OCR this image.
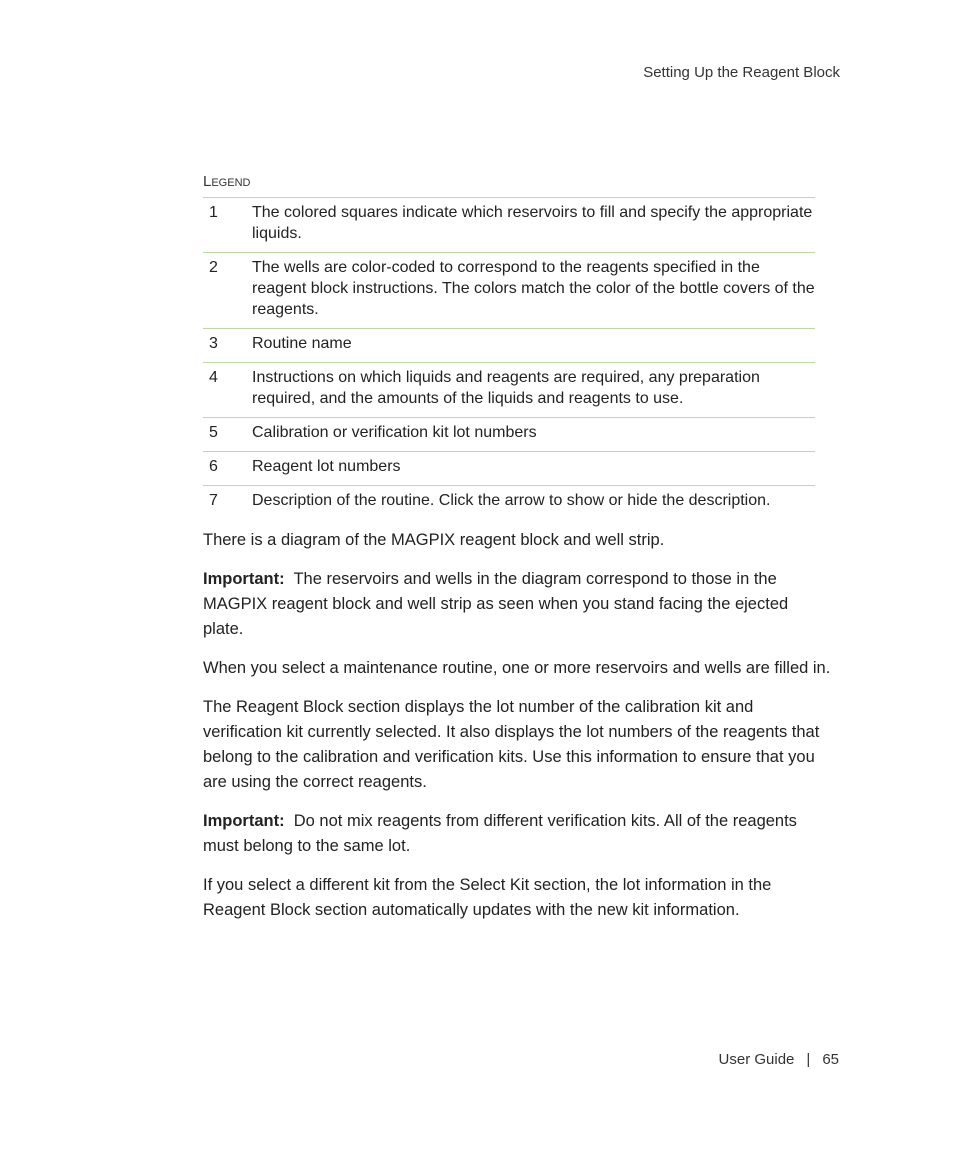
Setting Up the Reagent Block
Legend
1	The colored squares indicate which reservoirs to fill and specify the appropriate liquids.
2	The wells are color-coded to correspond to the reagents specified in the reagent block instructions. The colors match the color of the bottle covers of the reagents.
3	Routine name
4	Instructions on which liquids and reagents are required, any preparation required, and the amounts of the liquids and reagents to use.
5	Calibration or verification kit lot numbers
6	Reagent lot numbers
7	Description of the routine. Click the arrow to show or hide the description.

There is a diagram of the MAGPIX reagent block and well strip.

Important: The reservoirs and wells in the diagram correspond to those in the MAGPIX reagent block and well strip as seen when you stand facing the ejected plate.

When you select a maintenance routine, one or more reservoirs and wells are filled in.

The Reagent Block section displays the lot number of the calibration kit and verification kit currently selected. It also displays the lot numbers of the reagents that belong to the calibration and verification kits. Use this information to ensure that you are using the correct reagents.

Important: Do not mix reagents from different verification kits. All of the reagents must belong to the same lot.

If you select a different kit from the Select Kit section, the lot information in the Reagent Block section automatically updates with the new kit information.

User Guide | 65
